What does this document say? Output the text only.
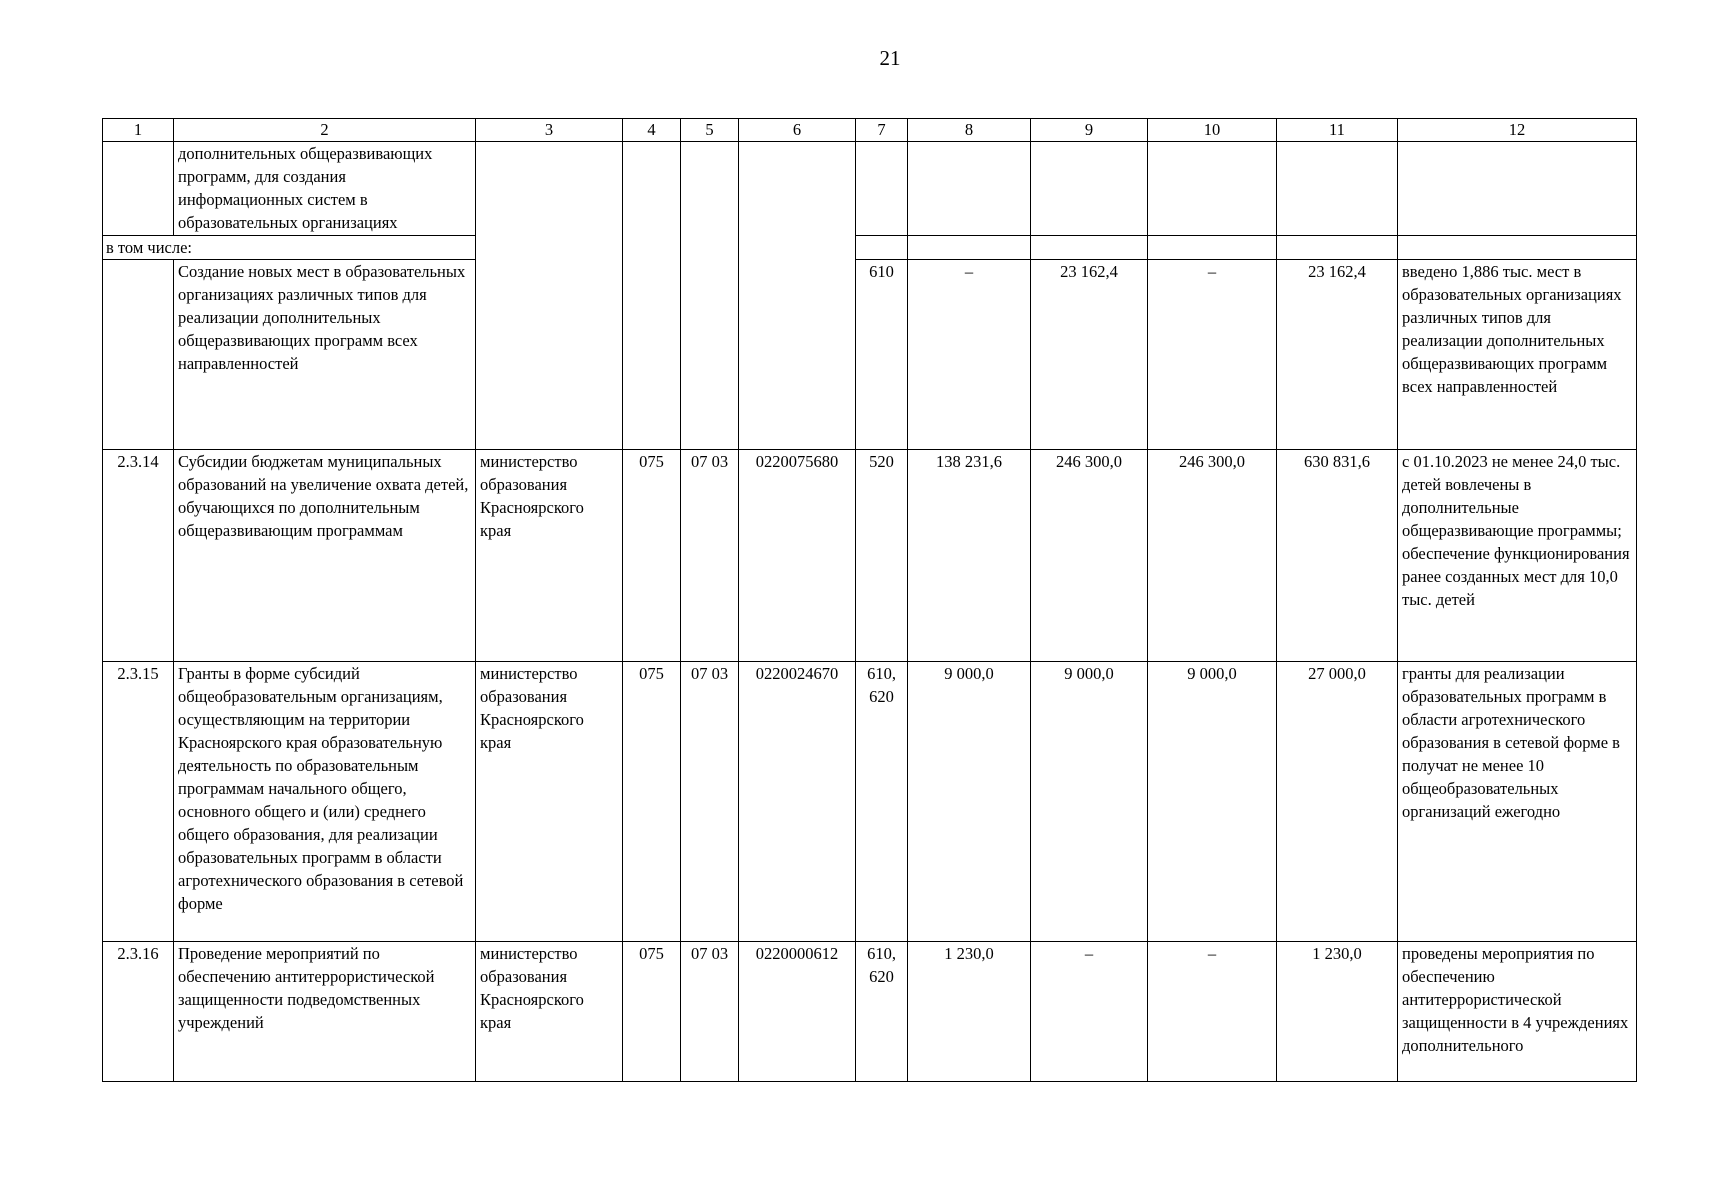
21
1	2	3	4	5	6	7	8	9	10	11	12
	дополнительных общеразвивающих программ, для создания информационных систем в образовательных организациях										
в том числе:											
	Создание новых мест в образовательных организациях различных типов для реализации дополнительных общеразвивающих программ всех направленностей					610	–	23 162,4	–	23 162,4	введено 1,886 тыс. мест в образовательных организациях различных типов для реализации дополнительных общеразвивающих программ всех направленностей
2.3.14	Субсидии бюджетам муниципальных образований на увеличение охвата детей, обучающихся по дополнительным общеразвивающим программам	министерство образования Красноярского края	075	07 03	0220075680	520	138 231,6	246 300,0	246 300,0	630 831,6	с 01.10.2023 не менее 24,0 тыс. детей вовлечены в дополнительные общеразвивающие программы; обеспечение функционирования ранее созданных мест для 10,0 тыс. детей
2.3.15	Гранты в форме субсидий общеобразовательным организациям, осуществляющим на территории Красноярского края образовательную деятельность по образовательным программам начального общего, основного общего и (или) среднего общего образования, для реализации образовательных программ в области агротехнического образования в сетевой форме	министерство образования Красноярского края	075	07 03	0220024670	610, 620	9 000,0	9 000,0	9 000,0	27 000,0	гранты для реализации образовательных программ в области агротехнического образования в сетевой форме в получат не менее 10 общеобразовательных организаций ежегодно
2.3.16	Проведение мероприятий по обеспечению антитеррористической защищенности подведомственных учреждений	министерство образования Красноярского края	075	07 03	0220000612	610, 620	1 230,0	–	–	1 230,0	проведены мероприятия по обеспечению антитеррористической защищенности в 4 учреждениях дополнительного
